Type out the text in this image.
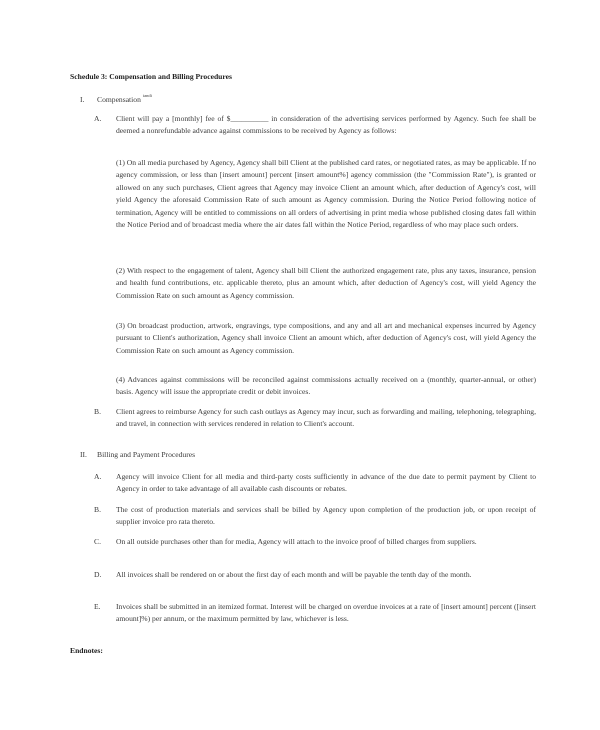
Schedule 3: Compensation and Billing Procedures
I. Compensation $^{iandi}$
A. Client will pay a [monthly] fee of $__________ in consideration of the advertising services performed by Agency. Such fee shall be deemed a nonrefundable advance against commissions to be received by Agency as follows:
(1) On all media purchased by Agency, Agency shall bill Client at the published card rates, or negotiated rates, as may be applicable. If no agency commission, or less than [insert amount] percent [insert amount%] agency commission (the "Commission Rate"), is granted or allowed on any such purchases, Client agrees that Agency may invoice Client an amount which, after deduction of Agency's cost, will yield Agency the aforesaid Commission Rate of such amount as Agency commission. During the Notice Period following notice of termination, Agency will be entitled to commissions on all orders of advertising in print media whose published closing dates fall within the Notice Period and of broadcast media where the air dates fall within the Notice Period, regardless of who may place such orders.
(2) With respect to the engagement of talent, Agency shall bill Client the authorized engagement rate, plus any taxes, insurance, pension and health fund contributions, etc. applicable thereto, plus an amount which, after deduction of Agency's cost, will yield Agency the Commission Rate on such amount as Agency commission.
(3) On broadcast production, artwork, engravings, type compositions, and any and all art and mechanical expenses incurred by Agency pursuant to Client's authorization, Agency shall invoice Client an amount which, after deduction of Agency's cost, will yield Agency the Commission Rate on such amount as Agency commission.
(4) Advances against commissions will be reconciled against commissions actually received on a (monthly, quarter-annual, or other) basis. Agency will issue the appropriate credit or debit invoices.
B. Client agrees to reimburse Agency for such cash outlays as Agency may incur, such as forwarding and mailing, telephoning, telegraphing, and travel, in connection with services rendered in relation to Client's account.
II. Billing and Payment Procedures
A. Agency will invoice Client for all media and third-party costs sufficiently in advance of the due date to permit payment by Client to Agency in order to take advantage of all available cash discounts or rebates.
B. The cost of production materials and services shall be billed by Agency upon completion of the production job, or upon receipt of supplier invoice pro rata thereto.
C. On all outside purchases other than for media, Agency will attach to the invoice proof of billed charges from suppliers.
D. All invoices shall be rendered on or about the first day of each month and will be payable the tenth day of the month.
E. Invoices shall be submitted in an itemized format. Interest will be charged on overdue invoices at a rate of [insert amount] percent ([insert amount]%) per annum, or the maximum permitted by law, whichever is less.
Endnotes:
